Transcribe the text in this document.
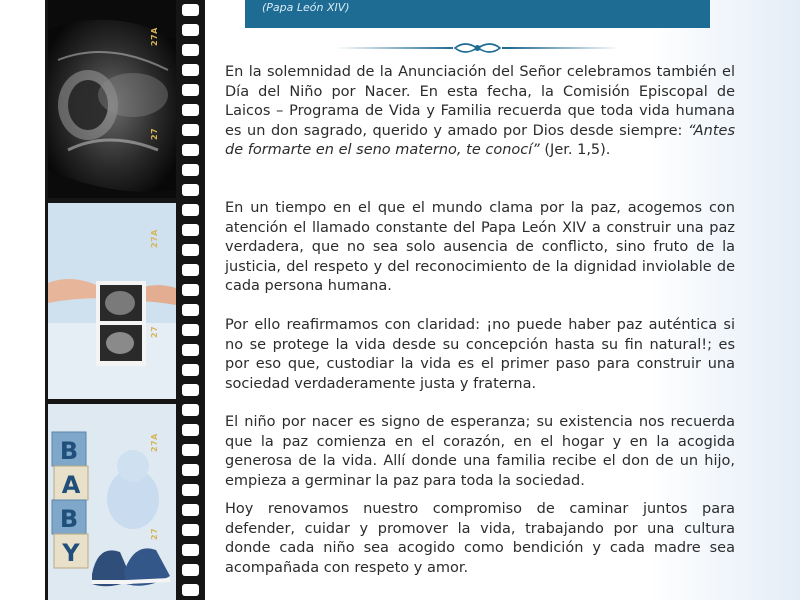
B
A
B
Y
27A
27
27A
27
27A
27
(Papa León XIV)

En la solemnidad de la Anunciación del Señor celebramos también el Día del Niño por Nacer. En esta fecha, la Comisión Episcopal de Laicos – Programa de Vida y Familia recuerda que toda vida humana es un don sagrado, querido y amado por Dios desde siempre: “Antes de formarte en el seno materno, te conocí” (Jer. 1,5).

En un tiempo en el que el mundo clama por la paz, acogemos con atención el llamado constante del Papa León XIV a construir una paz verdadera, que no sea solo ausencia de conflicto, sino fruto de la justicia, del respeto y del reconocimiento de la dignidad inviolable de cada persona humana.

Por ello reafirmamos con claridad: ¡no puede haber paz auténtica si no se protege la vida desde su concepción hasta su fin natural!; es por eso que, custodiar la vida es el primer paso para construir una sociedad verdaderamente justa y fraterna.

El niño por nacer es signo de esperanza; su existencia nos recuerda que la paz comienza en el corazón, en el hogar y en la acogida generosa de la vida. Allí donde una familia recibe el don de un hijo, empieza a germinar la paz para toda la sociedad.

Hoy renovamos nuestro compromiso de caminar juntos para defender, cuidar y promover la vida, trabajando por una cultura donde cada niño sea acogido como bendición y cada madre sea acompañada con respeto y amor.
